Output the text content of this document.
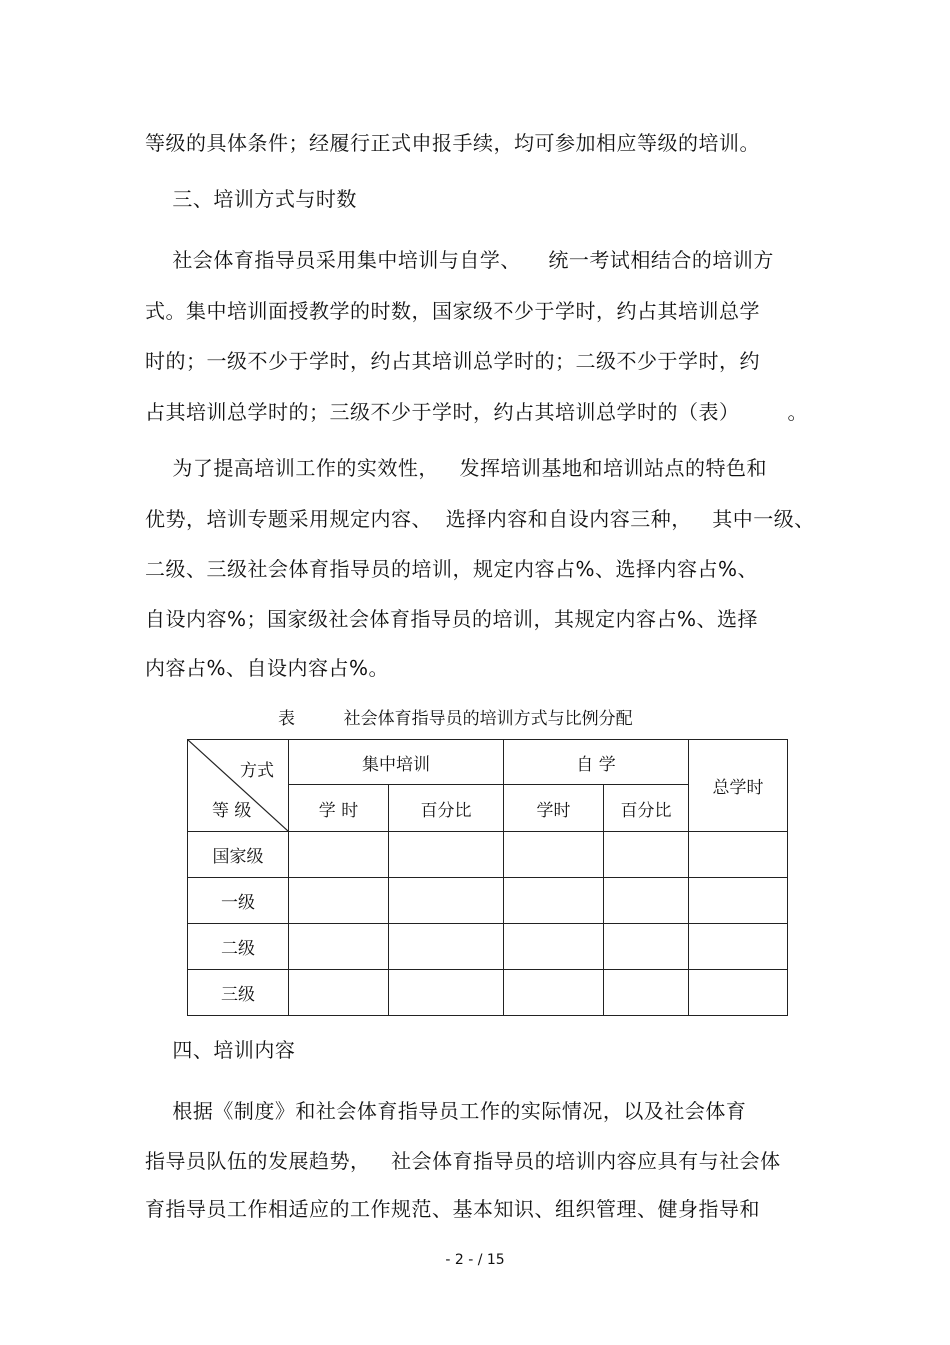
等级的具体条件；经履行正式申报手续，均可参加相应等级的培训。
三、培训方式与时数
社会体育指导员采用集中培训与自学、    统一考试相结合的培训方
式。集中培训面授教学的时数，国家级不少于学时，约占其培训总学
时的；一级不少于学时，约占其培训总学时的；二级不少于学时，约
占其培训总学时的；三级不少于学时，约占其培训总学时的（表）       。
为了提高培训工作的实效性，   发挥培训基地和培训站点的特色和
优势，培训专题采用规定内容、  选择内容和自设内容三种，   其中一级、
二级、三级社会体育指导员的培训，规定内容占%、选择内容占%、
自设内容%；国家级社会体育指导员的培训，其规定内容占%、选择
内容占%、自设内容占%。
表         社会体育指导员的培训方式与比例分配
方式
等 级	集中培训		自 学		总学时
	学 时	百分比	学时	百分比	
国家级					
一级					
二级					
三级					
四、培训内容
根据《制度》和社会体育指导员工作的实际情况，以及社会体育
指导员队伍的发展趋势，   社会体育指导员的培训内容应具有与社会体
育指导员工作相适应的工作规范、基本知识、组织管理、健身指导和
- 2 - / 15
